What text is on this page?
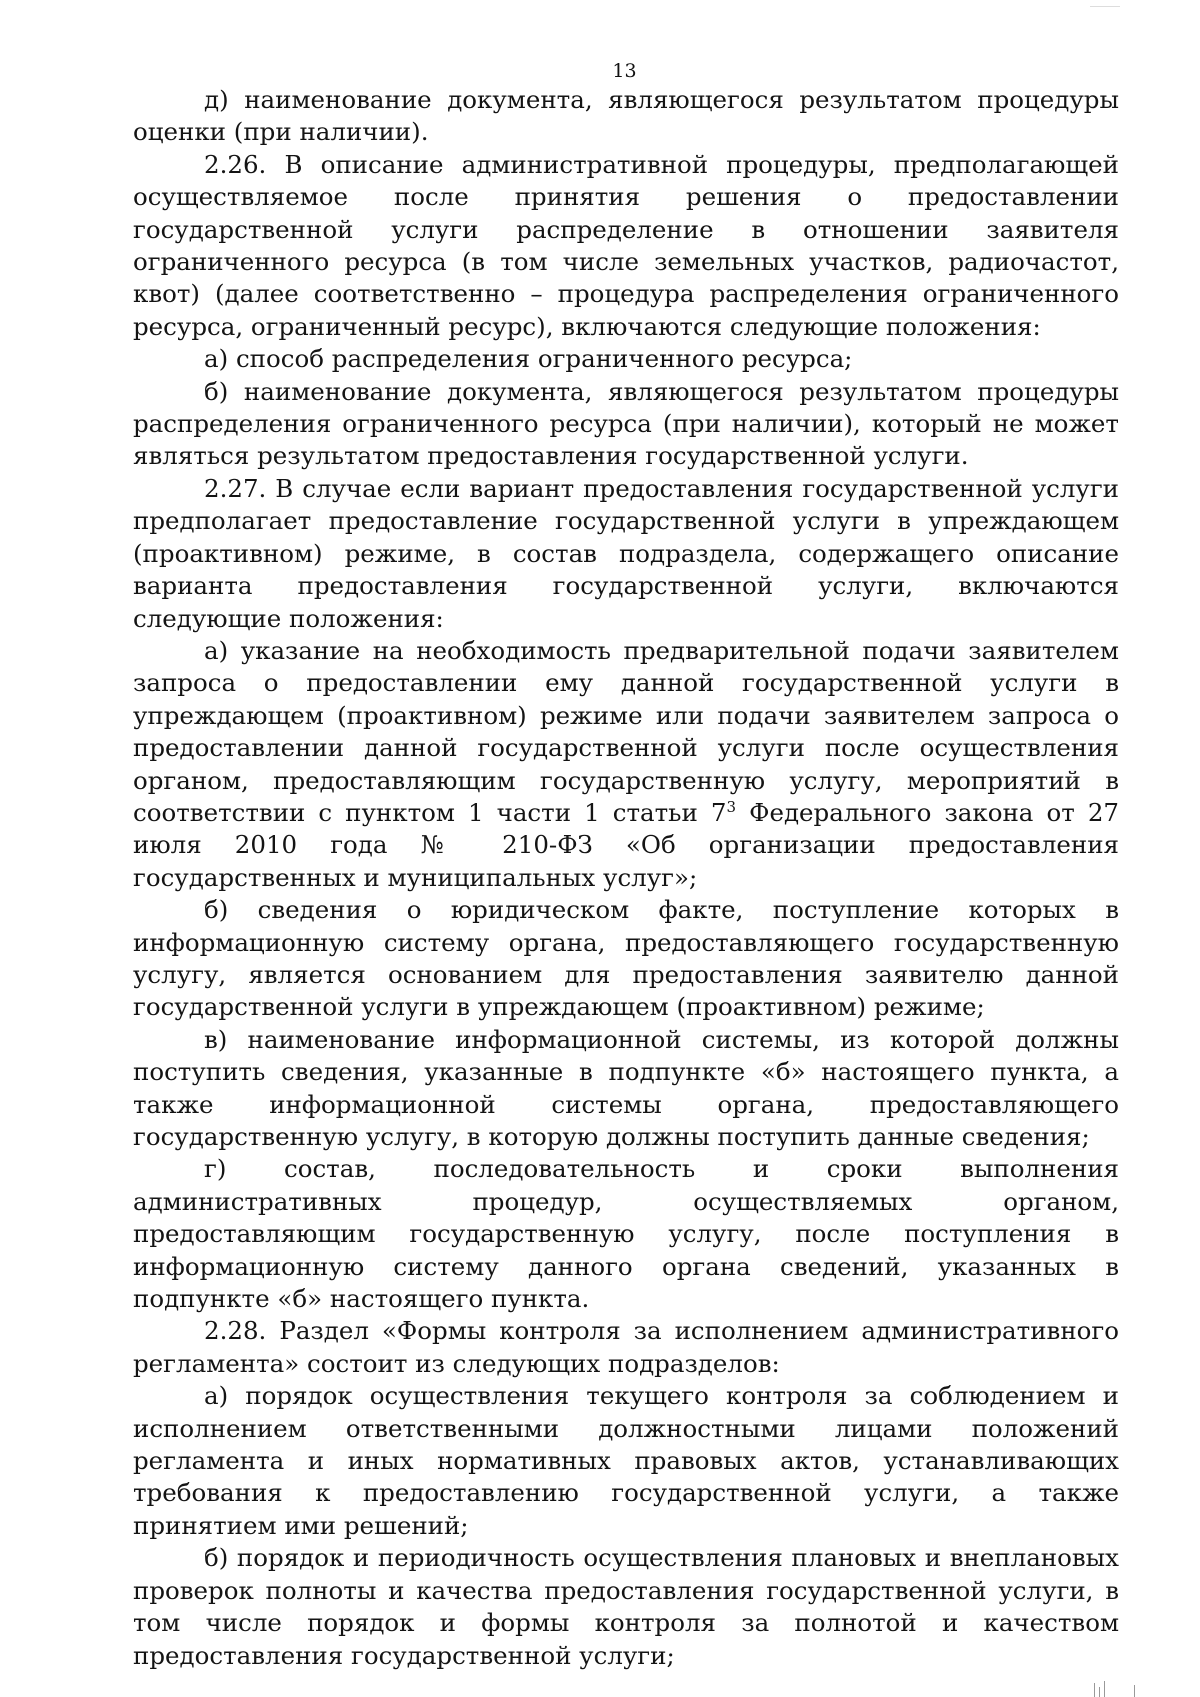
13

д) наименование документа, являющегося результатом процедуры оценки (при наличии).

2.26. В описание административной процедуры, предполагающей осуществляемое после принятия решения о предоставлении государственной услуги распределение в отношении заявителя ограниченного ресурса (в том числе земельных участков, радиочастот, квот) (далее соответственно – процедура распределения ограниченного ресурса, ограниченный ресурс), включаются следующие положения:

а) способ распределения ограниченного ресурса;

б) наименование документа, являющегося результатом процедуры распределения ограниченного ресурса (при наличии), который не может являться результатом предоставления государственной услуги.

2.27. В случае если вариант предоставления государственной услуги предполагает предоставление государственной услуги в упреждающем (проактивном) режиме, в состав подраздела, содержащего описание варианта предоставления государственной услуги, включаются следующие положения:

а) указание на необходимость предварительной подачи заявителем запроса о предоставлении ему данной государственной услуги в упреждающем (проактивном) режиме или подачи заявителем запроса о предоставлении данной государственной услуги после осуществления органом, предоставляющим государственную услугу, мероприятий в соответствии с пунктом 1 части 1 статьи $7^3$ Федерального закона от 27 июля 2010 года № 210-ФЗ «Об организации предоставления государственных и муниципальных услуг»;

б) сведения о юридическом факте, поступление которых в информационную систему органа, предоставляющего государственную услугу, является основанием для предоставления заявителю данной государственной услуги в упреждающем (проактивном) режиме;

в) наименование информационной системы, из которой должны поступить сведения, указанные в подпункте «б» настоящего пункта, а также информационной системы органа, предоставляющего государственную услугу, в которую должны поступить данные сведения;

г) состав, последовательность и сроки выполнения административных процедур, осуществляемых органом, предоставляющим государственную услугу, после поступления в информационную систему данного органа сведений, указанных в подпункте «б» настоящего пункта.

2.28. Раздел «Формы контроля за исполнением административного регламента» состоит из следующих подразделов:

а) порядок осуществления текущего контроля за соблюдением и исполнением ответственными должностными лицами положений регламента и иных нормативных правовых актов, устанавливающих требования к предоставлению государственной услуги, а также принятием ими решений;

б) порядок и периодичность осуществления плановых и внеплановых проверок полноты и качества предоставления государственной услуги, в том числе порядок и формы контроля за полнотой и качеством предоставления государственной услуги;
